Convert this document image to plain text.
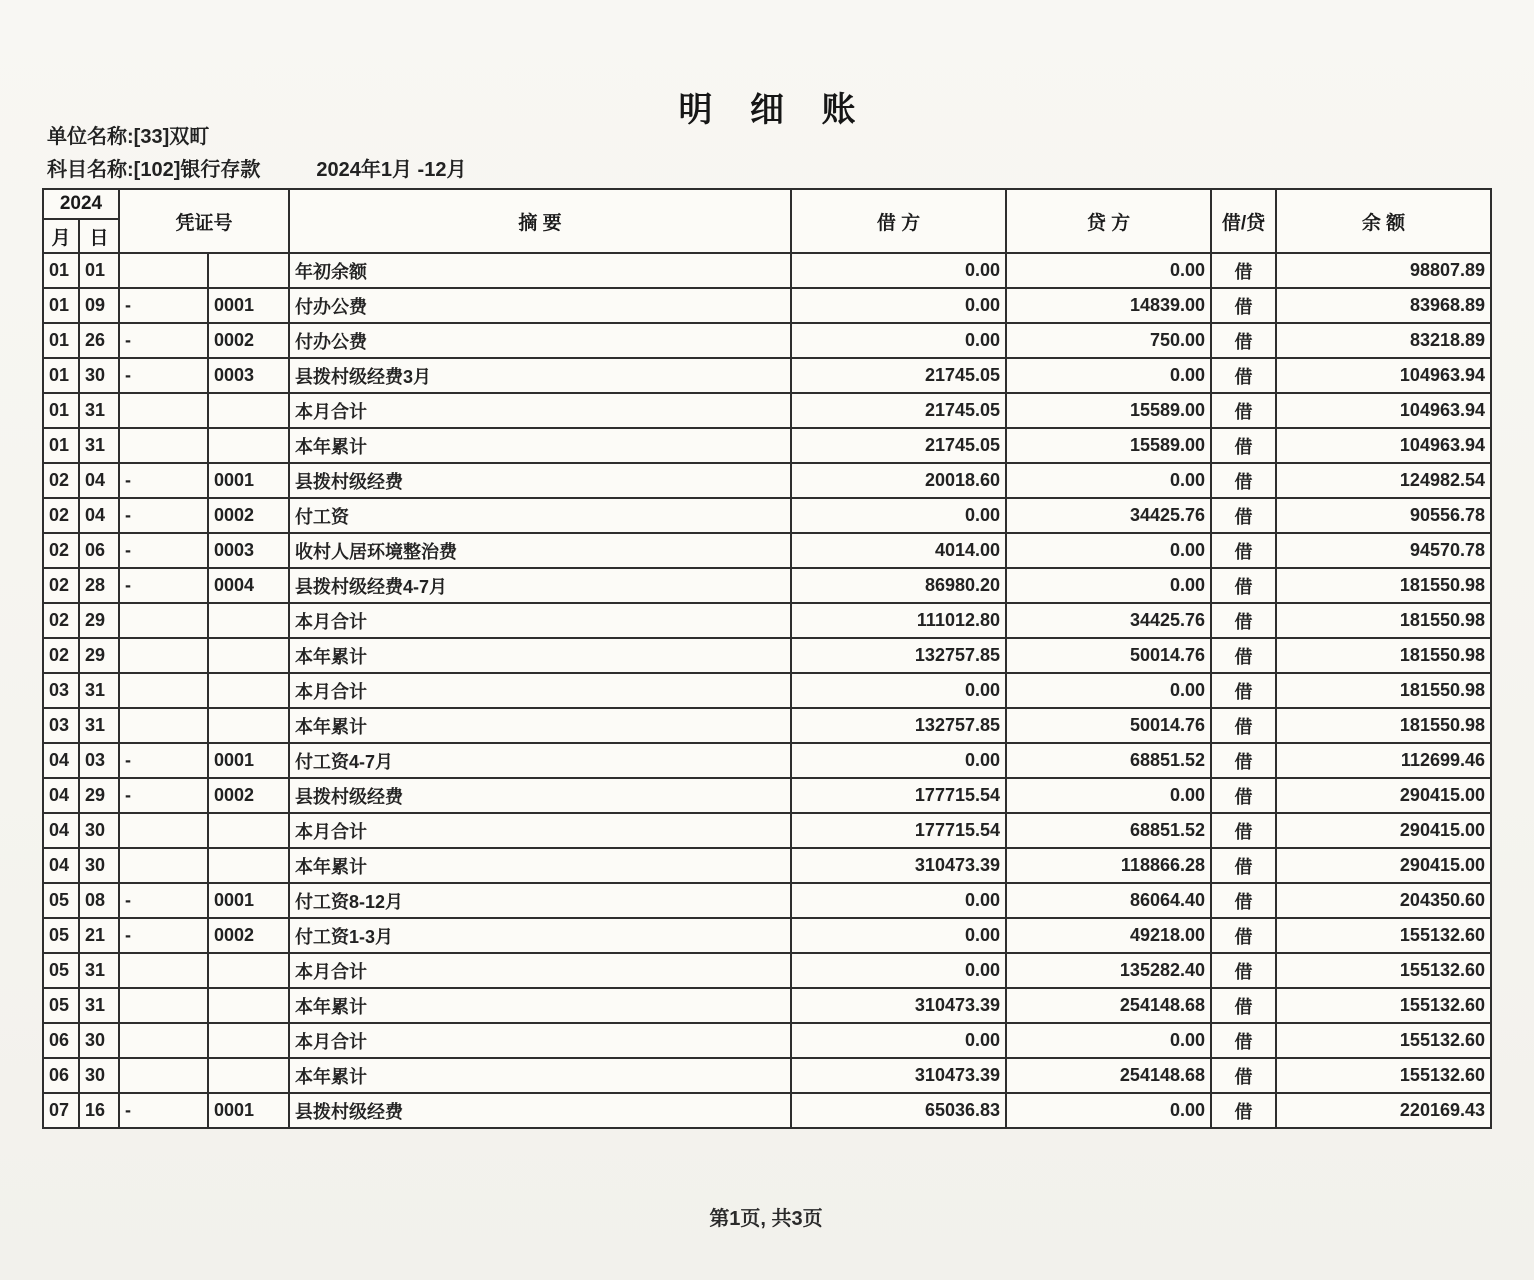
明 细 账
单位名称:[33]双町
科目名称:[102]银行存款	2024年1月 -12月
2024		凭证号		摘 要	借 方	贷 方	借/贷	余 额
月	日							
01	01			年初余额	0.00	0.00	借	98807.89
01	09	-	0001	付办公费	0.00	14839.00	借	83968.89
01	26	-	0002	付办公费	0.00	750.00	借	83218.89
01	30	-	0003	县拨村级经费3月	21745.05	0.00	借	104963.94
01	31			本月合计	21745.05	15589.00	借	104963.94
01	31			本年累计	21745.05	15589.00	借	104963.94
02	04	-	0001	县拨村级经费	20018.60	0.00	借	124982.54
02	04	-	0002	付工资	0.00	34425.76	借	90556.78
02	06	-	0003	收村人居环境整治费	4014.00	0.00	借	94570.78
02	28	-	0004	县拨村级经费4-7月	86980.20	0.00	借	181550.98
02	29			本月合计	111012.80	34425.76	借	181550.98
02	29			本年累计	132757.85	50014.76	借	181550.98
03	31			本月合计	0.00	0.00	借	181550.98
03	31			本年累计	132757.85	50014.76	借	181550.98
04	03	-	0001	付工资4-7月	0.00	68851.52	借	112699.46
04	29	-	0002	县拨村级经费	177715.54	0.00	借	290415.00
04	30			本月合计	177715.54	68851.52	借	290415.00
04	30			本年累计	310473.39	118866.28	借	290415.00
05	08	-	0001	付工资8-12月	0.00	86064.40	借	204350.60
05	21	-	0002	付工资1-3月	0.00	49218.00	借	155132.60
05	31			本月合计	0.00	135282.40	借	155132.60
05	31			本年累计	310473.39	254148.68	借	155132.60
06	30			本月合计	0.00	0.00	借	155132.60
06	30			本年累计	310473.39	254148.68	借	155132.60
07	16	-	0001	县拨村级经费	65036.83	0.00	借	220169.43
第1页, 共3页
